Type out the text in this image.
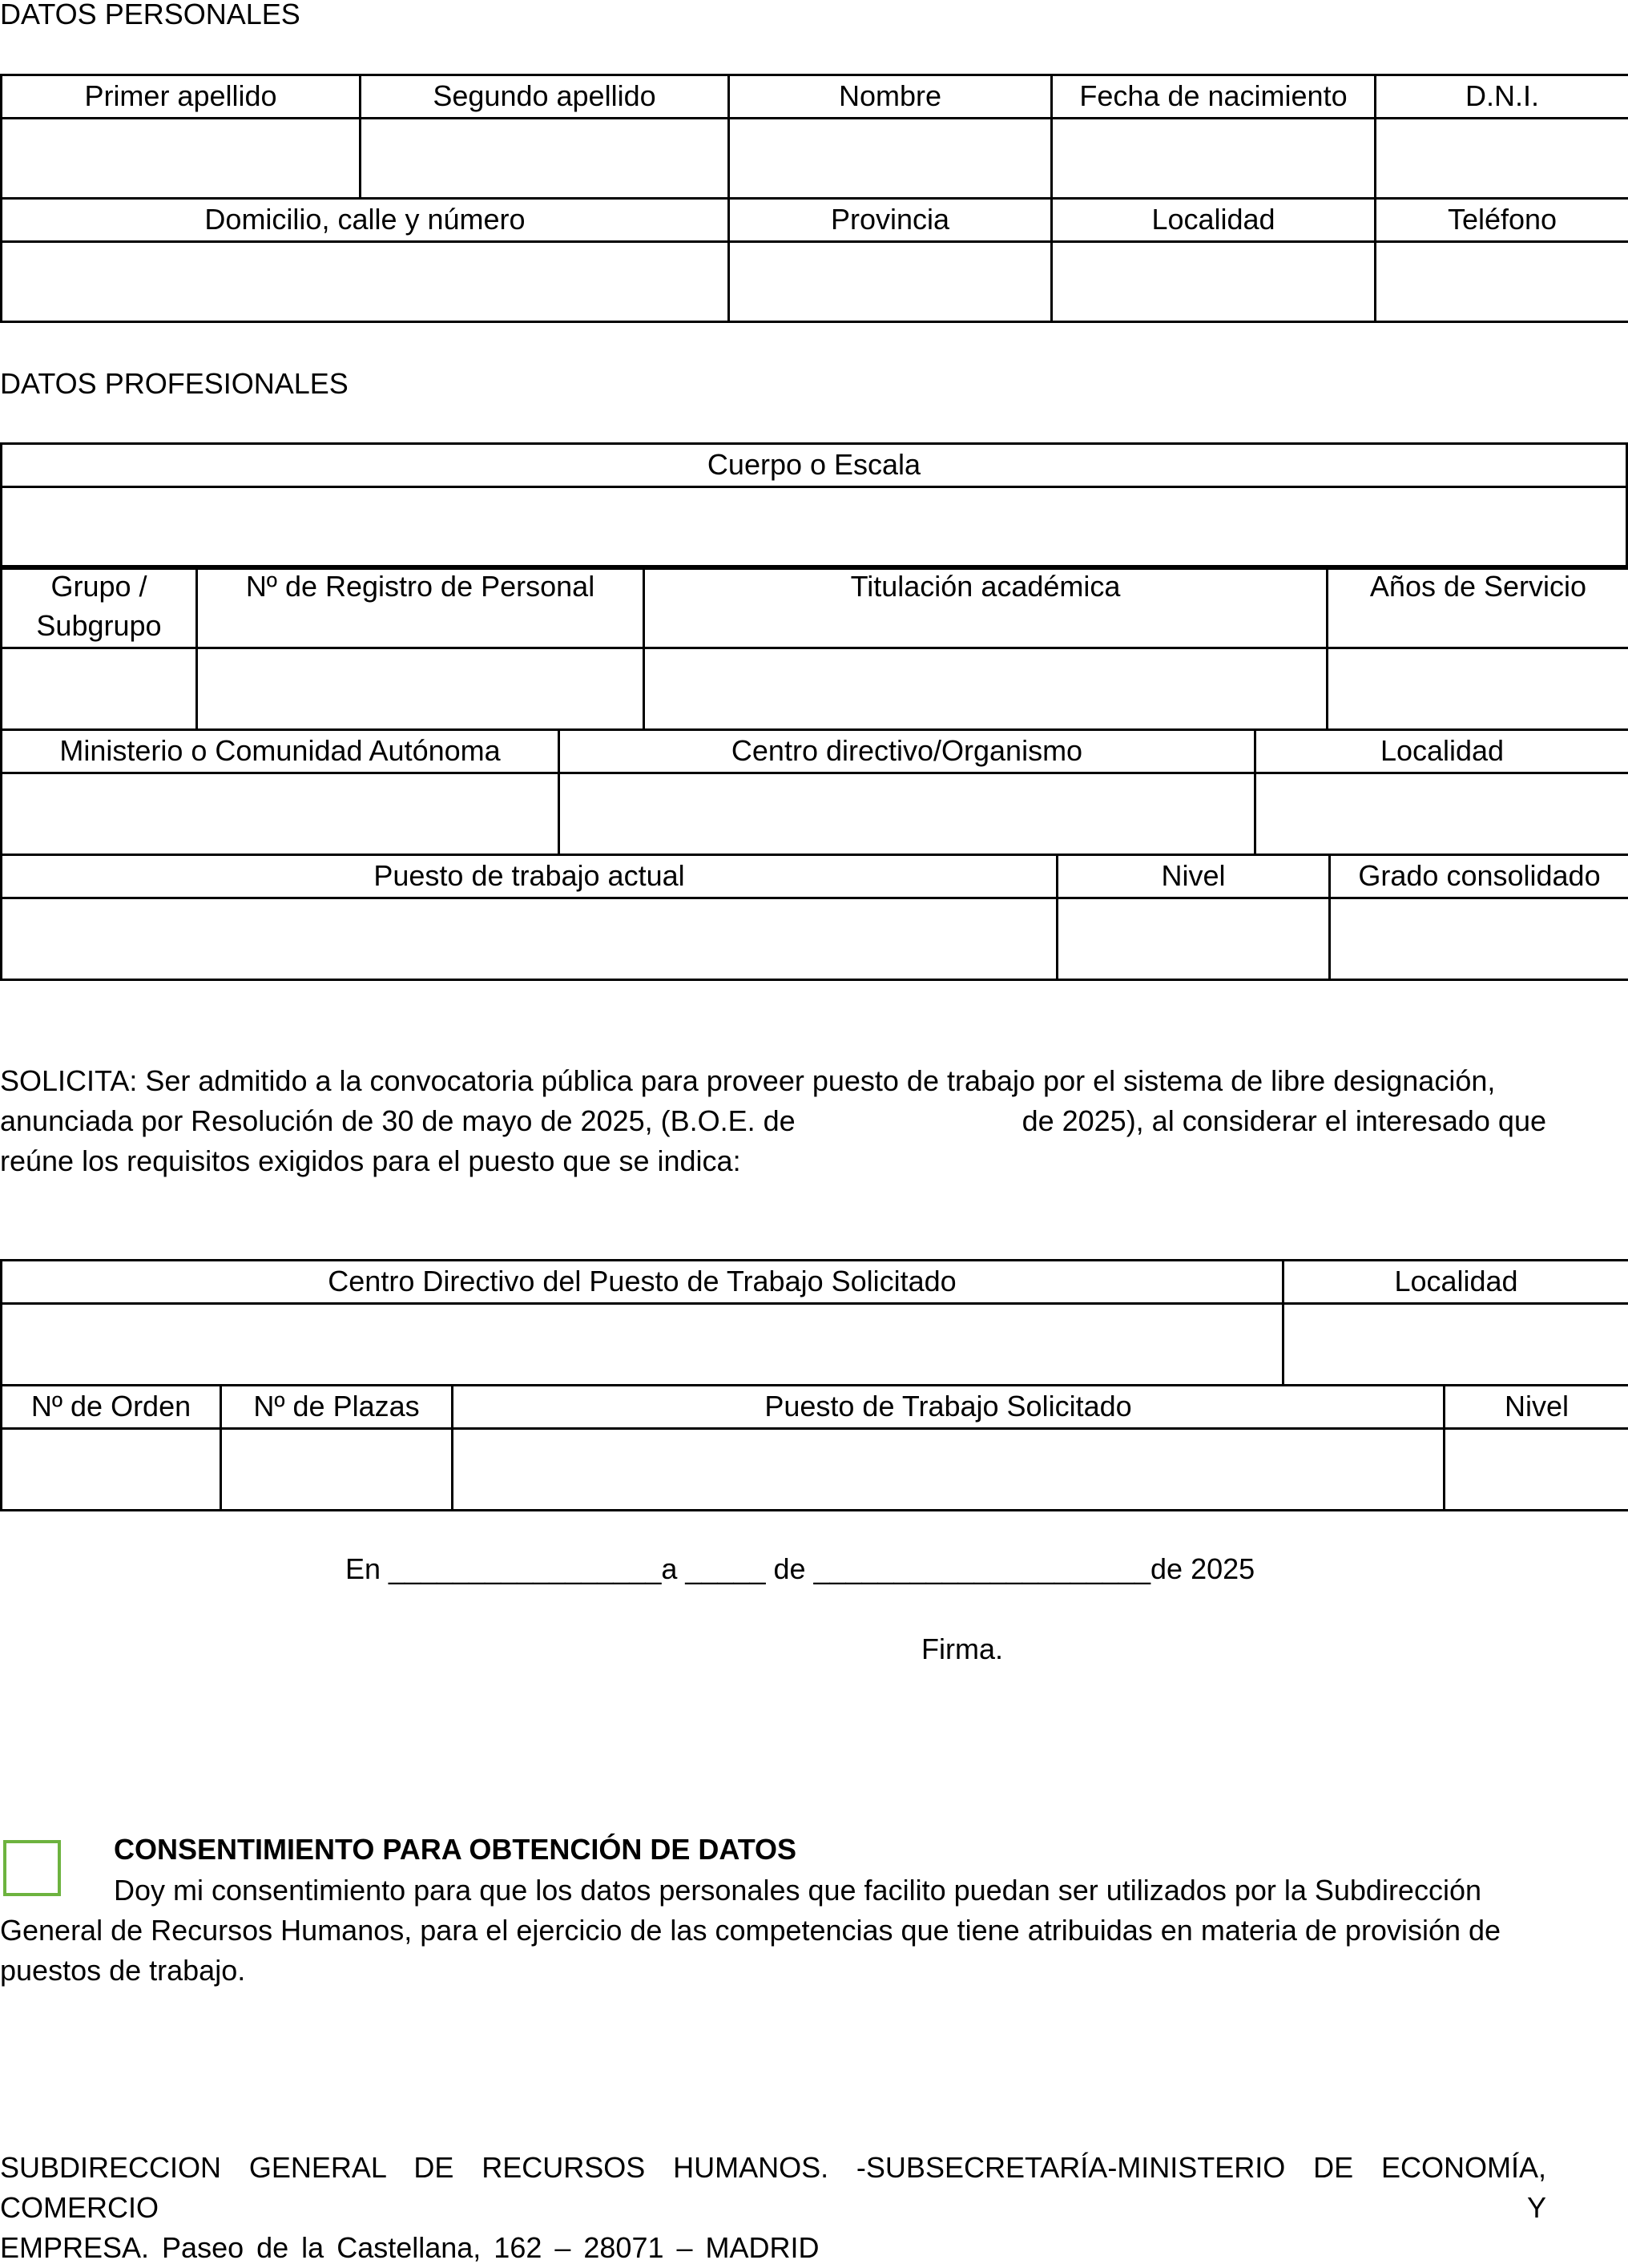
DATOS PERSONALES
Primer apellido	Segundo apellido	Nombre	Fecha de nacimiento	D.N.I.

Domicilio, calle y número		Provincia	Localidad	Teléfono

DATOS PROFESIONALES
Cuerpo o Escala

Grupo /
Subgrupo	Nº de Registro de Personal	Titulación académica	Años de Servicio

Ministerio o Comunidad Autónoma	Centro directivo/Organismo	Localidad

Puesto de trabajo actual	Nivel	Grado consolidado

SOLICITA: Ser admitido a la convocatoria pública para proveer puesto de trabajo por el sistema de libre designación,
anunciada por Resolución de 30 de mayo de 2025, (B.O.E. de	de 2025), al considerar el interesado que
reúne los requisitos exigidos para el puesto que se indica:
Centro Directivo del Puesto de Trabajo Solicitado	Localidad

Nº de Orden	Nº de Plazas	Puesto de Trabajo Solicitado	Nivel

En _________________a _____ de _____________________de 2025
Firma.
CONSENTIMIENTO PARA OBTENCIÓN DE DATOS
Doy mi consentimiento para que los datos personales que facilito puedan ser utilizados por la Subdirección
General de Recursos Humanos, para el ejercicio de las competencias que tiene atribuidas en materia de provisión de
puestos de trabajo.
SUBDIRECCION GENERAL DE RECURSOS HUMANOS. -SUBSECRETARÍA-MINISTERIO DE ECONOMÍA, COMERCIO Y
EMPRESA. Paseo de la Castellana, 162 – 28071 – MADRID
